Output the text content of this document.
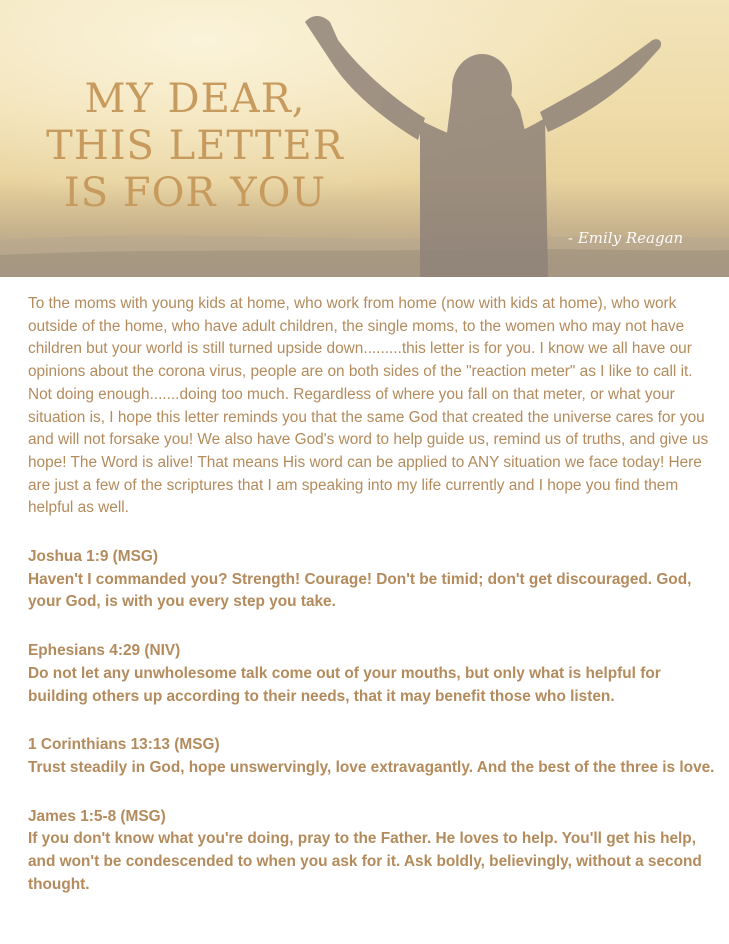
MY DEAR,
THIS LETTER
IS FOR YOU
- Emily Reagan

To the moms with young kids at home, who work from home (now with kids at home), who work outside of the home, who have adult children, the single moms, to the women who may not have children but your world is still turned upside down.........this letter is for you. I know we all have our opinions about the corona virus, people are on both sides of the "reaction meter" as I like to call it. Not doing enough.......doing too much. Regardless of where you fall on that meter, or what your situation is, I hope this letter reminds you that the same God that created the universe cares for you and will not forsake you! We also have God's word to help guide us, remind us of truths, and give us hope! The Word is alive! That means His word can be applied to ANY situation we face today! Here are just a few of the scriptures that I am speaking into my life currently and I hope you find them helpful as well.

Joshua 1:9 (MSG)

Haven't I commanded you? Strength! Courage! Don't be timid; don't get discouraged. God, your God, is with you every step you take.

Ephesians 4:29 (NIV)

Do not let any unwholesome talk come out of your mouths, but only what is helpful for building others up according to their needs, that it may benefit those who listen.

1 Corinthians 13:13 (MSG)

Trust steadily in God, hope unswervingly, love extravagantly. And the best of the three is love.

James 1:5-8 (MSG)

If you don't know what you're doing, pray to the Father. He loves to help. You'll get his help, and won't be condescended to when you ask for it. Ask boldly, believingly, without a second thought.
